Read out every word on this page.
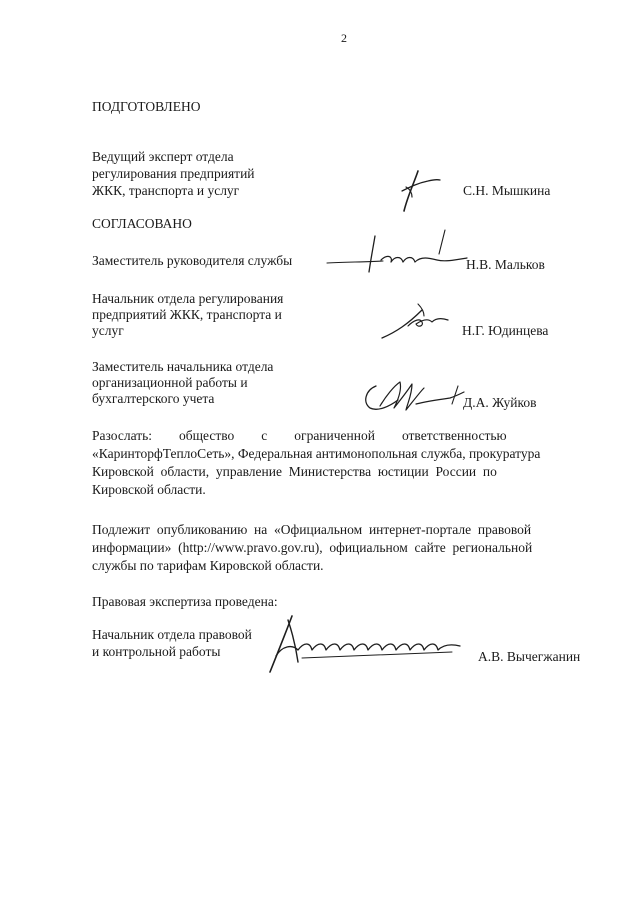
2
ПОДГОТОВЛЕНО
Ведущий эксперт отдела
регулирования предприятий
ЖКК, транспорта и услуг	С.Н. Мышкина
СОГЛАСОВАНО
Заместитель руководителя службы	Н.В. Мальков
Начальник отдела регулирования
предприятий ЖКК, транспорта и
услуг	Н.Г. Юдинцева
Заместитель начальника отдела
организационной работы и
бухгалтерского учета	Д.А. Жуйков
Разослать:        общество        с        ограниченной        ответственностью
«КаринторфТеплоСеть», Федеральная антимонопольная служба, прокуратура
Кировской  области,  управление  Министерства  юстиции  России  по
Кировской области.
Подлежит  опубликованию  на  «Официальном  интернет-портале  правовой
информации»  (http://www.pravo.gov.ru),  официальном  сайте  региональной
службы по тарифам Кировской области.
Правовая экспертиза проведена:
Начальник отдела правовой
и контрольной работы	А.В. Вычегжанин
